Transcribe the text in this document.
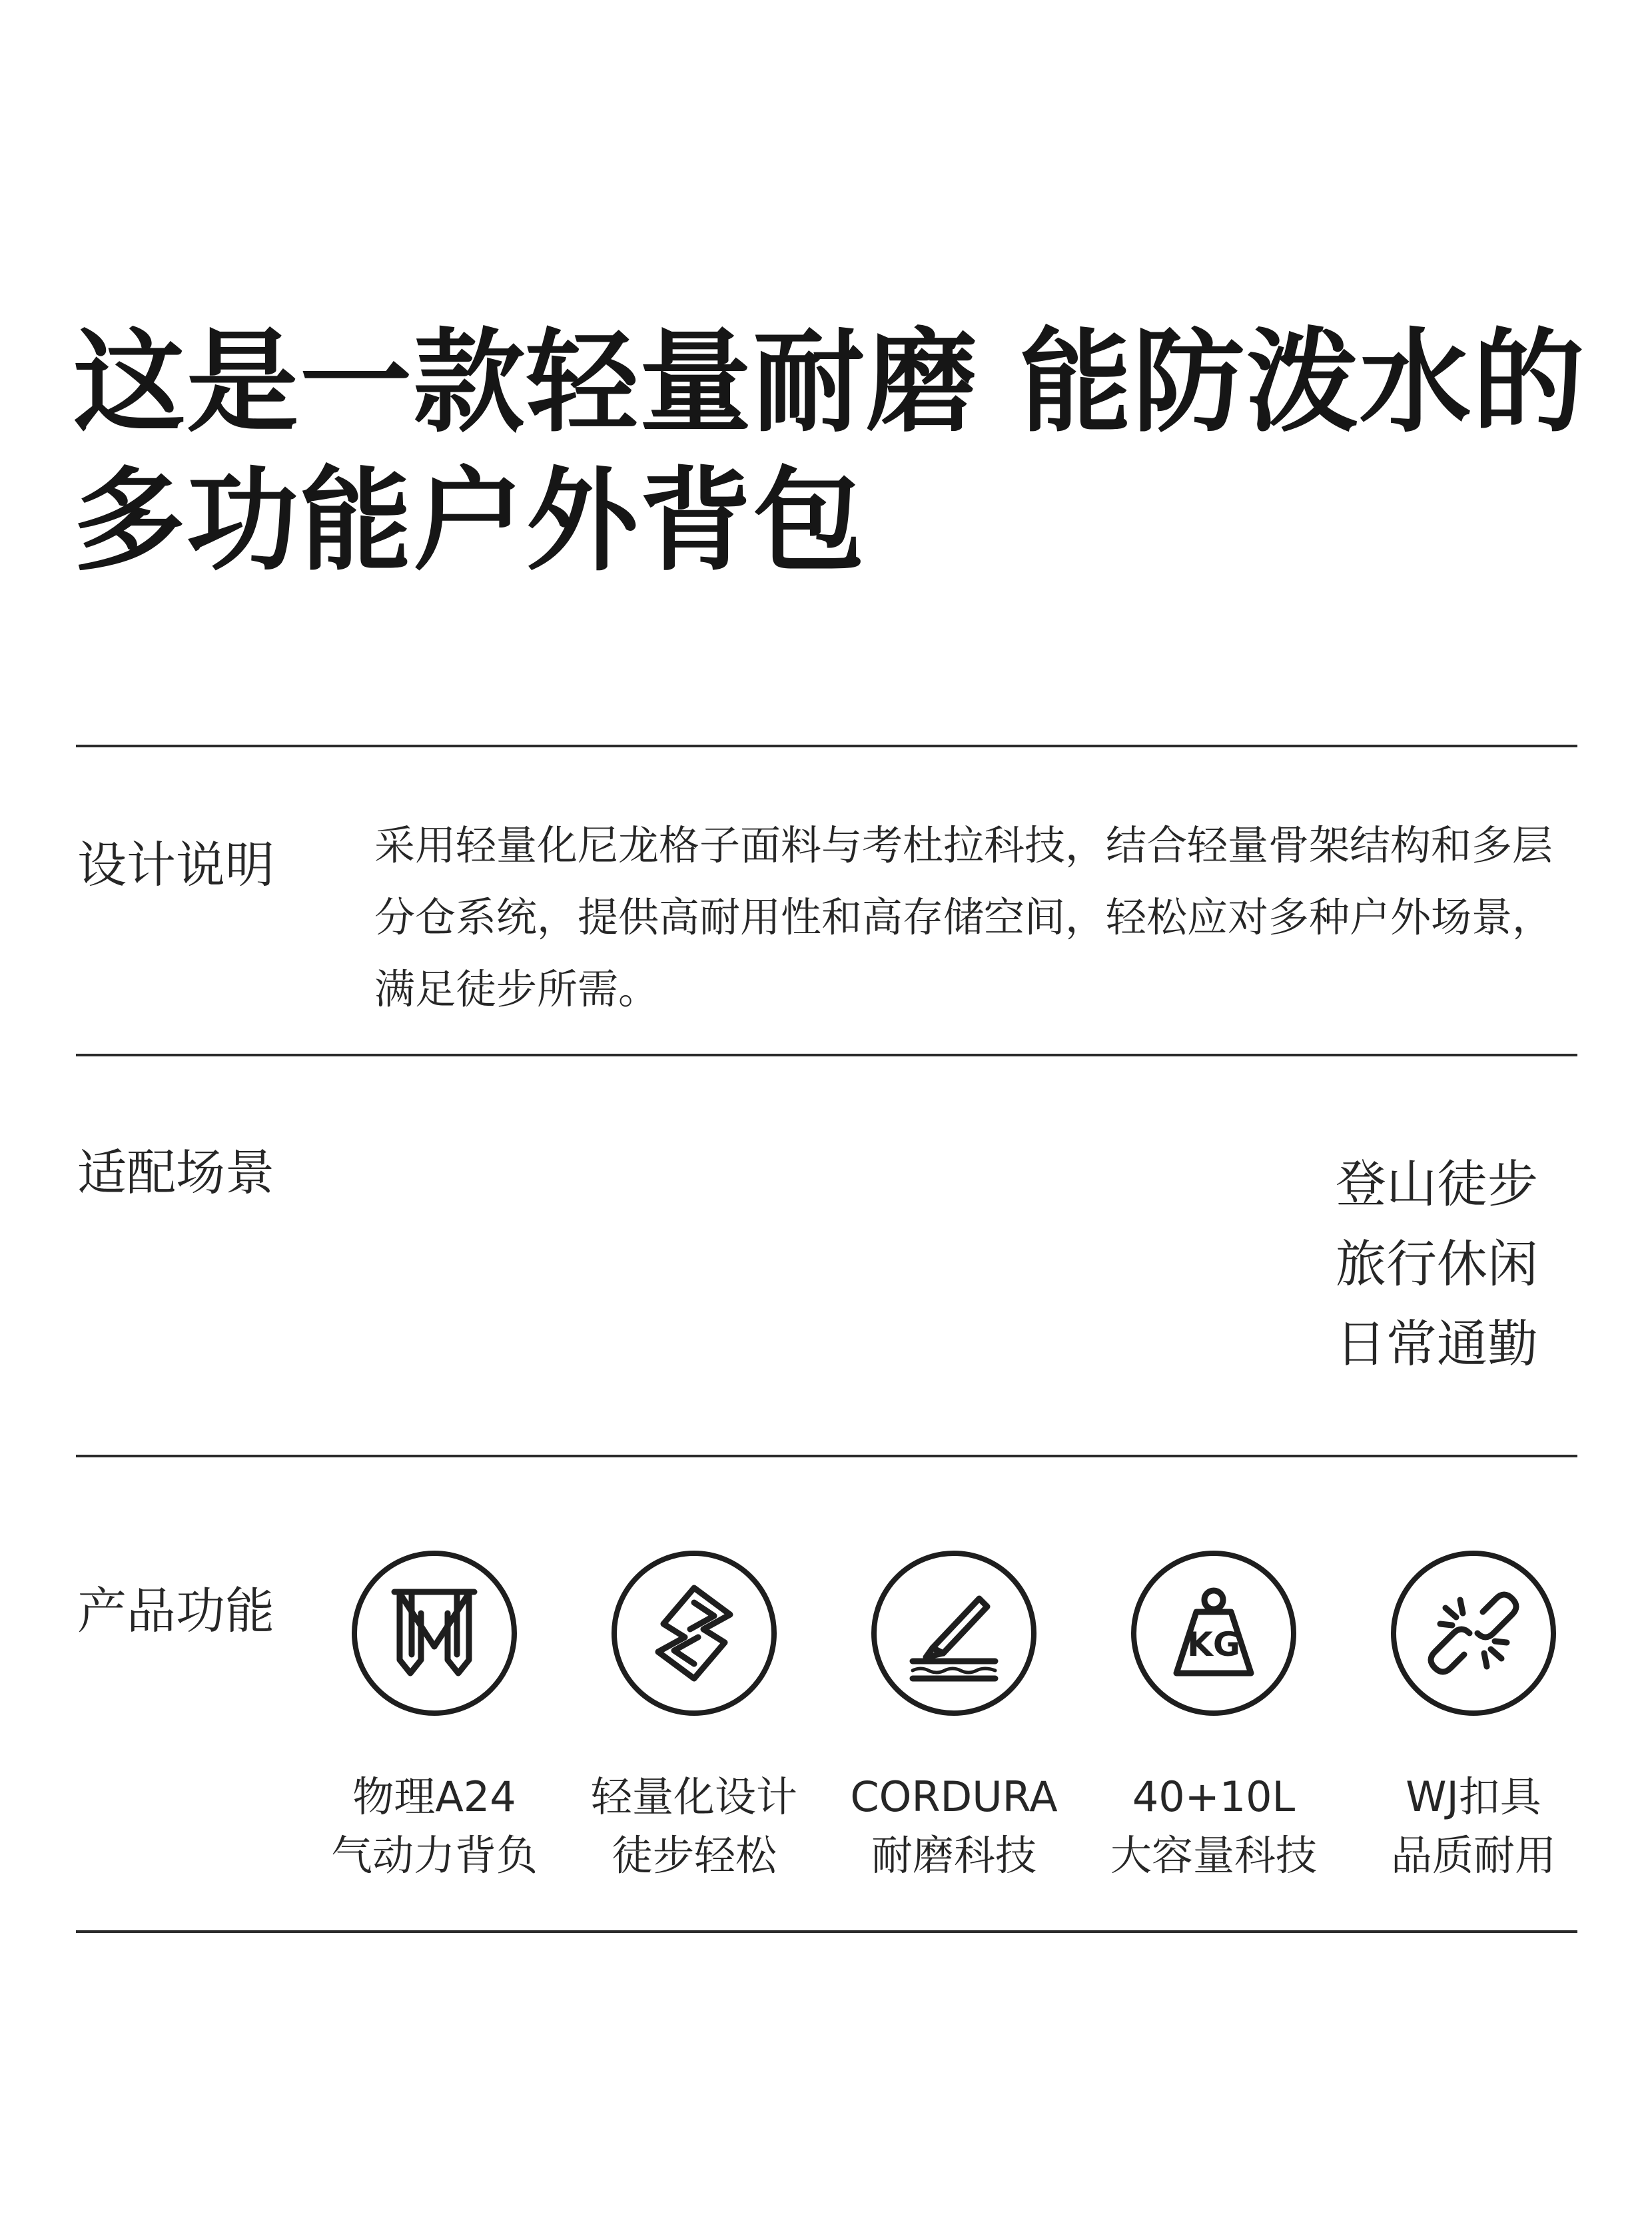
这是一款轻量耐磨 能防泼水的
多功能户外背包
设计说明 采用轻量化尼龙格子面料与考杜拉科技，结合轻量骨架结构和多层
分仓系统，提供高耐用性和高存储空间，轻松应对多种户外场景，
满足徒步所需。
适配场景	登山徒步
旅行休闲
日常通勤
产品功能
物理A24
气动力背负
轻量化设计
徒步轻松
CORDURA
耐磨科技
KG
40+10L
大容量科技
WJ扣具
品质耐用
